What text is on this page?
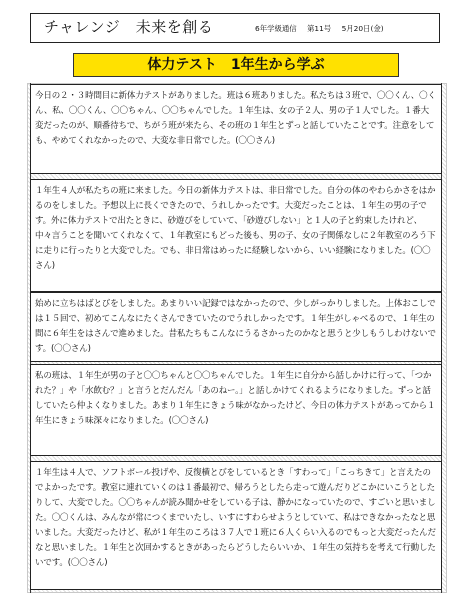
チャレンジ　未来を創る	6年学級通信 第11号 5月20日(金)
体力テスト　1年生から学ぶ

今日の２・３時間目に新体力テストがありました。班は６班ありました。私たちは３班で、〇〇くん、〇くん、私、〇〇くん、〇〇ちゃん、〇〇ちゃんでした。１年生は、女の子２人、男の子１人でした。１番大変だったのが、順番待ちで、ちがう班が来たら、その班の１年生とずっと話していたことです。注意をしても、やめてくれなかったので、大変な非日常でした。(〇〇さん)

１年生４人が私たちの班に来ました。今日の新体力テストは、非日常でした。自分の体のやわらかさをはかるのをしました。予想以上に長くできたので、うれしかったです。大変だったことは、１年生の男の子です。外に体力テストで出たときに、砂遊びをしていて、「砂遊びしない」と１人の子と約束したけれど、中々言うことを聞いてくれなくて、１年教室にもどった後も、男の子、女の子関係なしに２年教室のろう下に走りに行ったりと大変でした。でも、非日常はめったに経験しないから、いい経験になりました。(〇〇さん)

始めに立ちはばとびをしました。あまりいい記録ではなかったので、少しがっかりしました。上体おこしでは１５回で、初めてこんなにたくさんできていたのでうれしかったです。１年生がしゃべるので、１年生の間に６年生をはさんで進めました。昔私たちもこんなにうるさかったのかなと思うと少しもうしわけないです。(〇〇さん)

私の班は、１年生が男の子と〇〇ちゃんと〇〇ちゃんでした。１年生に自分から話しかけに行って、「つかれた？」や「水飲む？」と言うとだんだん「あのねー。」と話しかけてくれるようになりました。ずっと話していたら仲よくなりました。あまり１年生にきょう味がなかったけど、今日の体力テストがあってから１年生にきょう味深々になりました。(〇〇さん)

１年生は４人で、ソフトボール投げや、反復横とびをしているとき「すわって」「こっちきて」と言えたのでよかったです。教室に連れていくのは１番最初で、帰ろうとしたら走って遊んだりどこかにいこうとしたりして、大変でした。〇〇ちゃんが読み聞かせをしている子は、静かになっていたので、すごいと思いました。〇〇くんは、みんなが常につくまでいたし、いすにすわらせようとしていて、私はできなかったなと思いました。大変だったけど、私が１年生のころは３７人で１班に６人くらい入るのでもっと大変だったんだなと思いました。１年生と次回かするときがあったらどうしたらいいか、１年生の気持ちを考えて行動したいです。(〇〇さん)
